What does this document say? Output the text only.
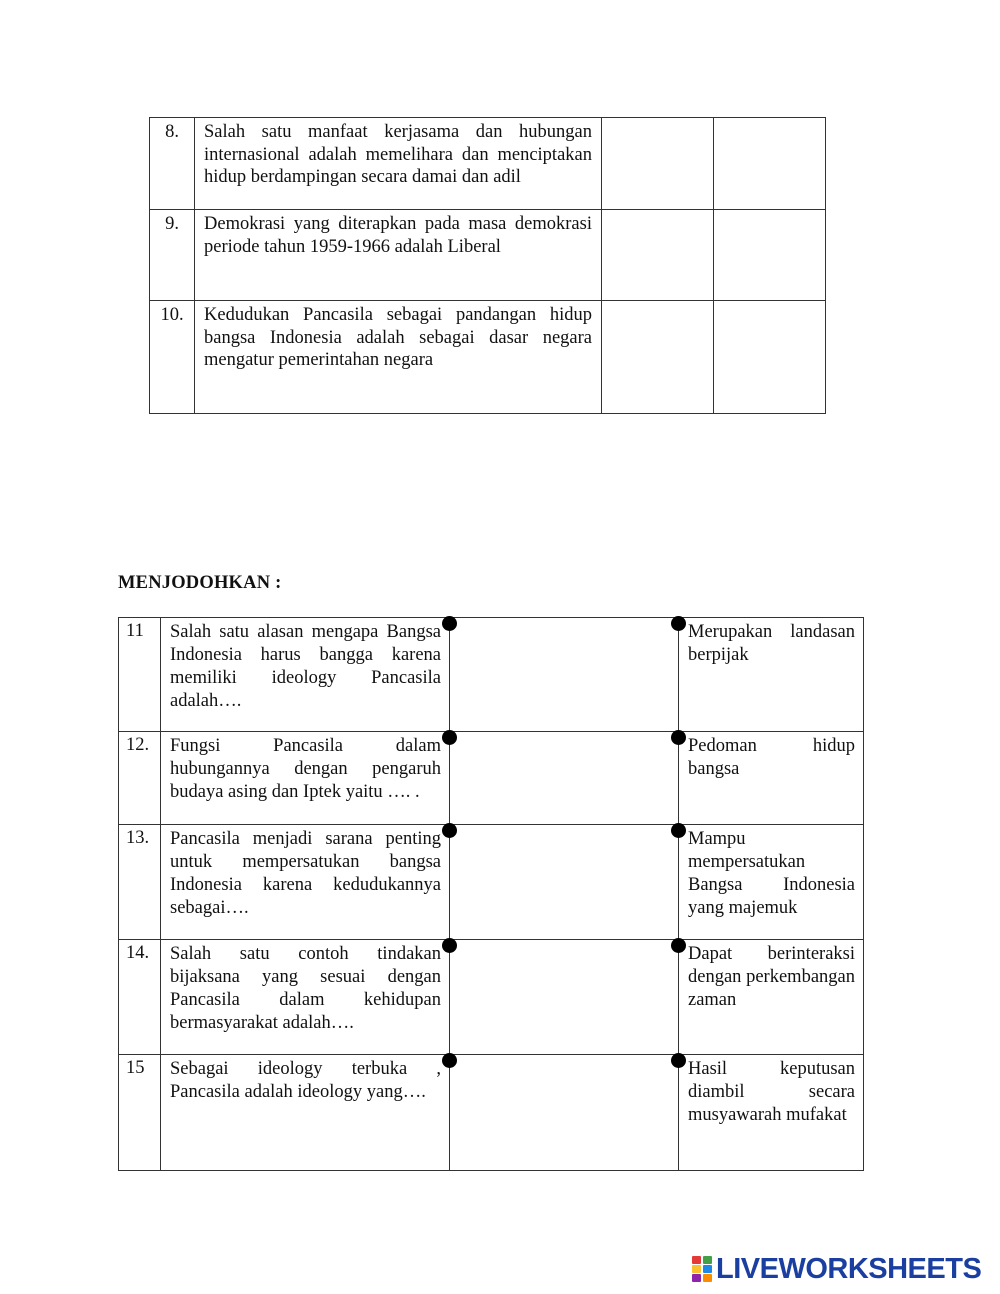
8.	Salah satu manfaat kerjasama dan hubungan internasional adalah memelihara dan menciptakan hidup berdampingan secara damai dan adil		
9.	Demokrasi yang diterapkan pada masa demokrasi periode tahun 1959-1966 adalah Liberal		
10.	Kedudukan Pancasila sebagai pandangan hidup bangsa Indonesia adalah sebagai dasar negara mengatur pemerintahan negara		
MENJODOHKAN :
11	Salah satu alasan mengapa Bangsa Indonesia harus bangga karena memiliki ideology Pancasila adalah….		Merupakan landasan berpijak
12.	Fungsi Pancasila dalam hubungannya dengan pengaruh budaya asing dan Iptek yaitu …. .		Pedoman hidup bangsa
13.	Pancasila menjadi sarana penting untuk mempersatukan bangsa Indonesia karena kedudukannya sebagai….		Mampu mempersatukan Bangsa Indonesia yang majemuk
14.	Salah satu contoh tindakan bijaksana yang sesuai dengan Pancasila dalam kehidupan bermasyarakat adalah….		Dapat berinteraksi dengan perkembangan zaman
15	Sebagai ideology terbuka , Pancasila adalah ideology yang….		Hasil keputusan diambil secara musyawarah mufakat
LIVEWORKSHEETS
